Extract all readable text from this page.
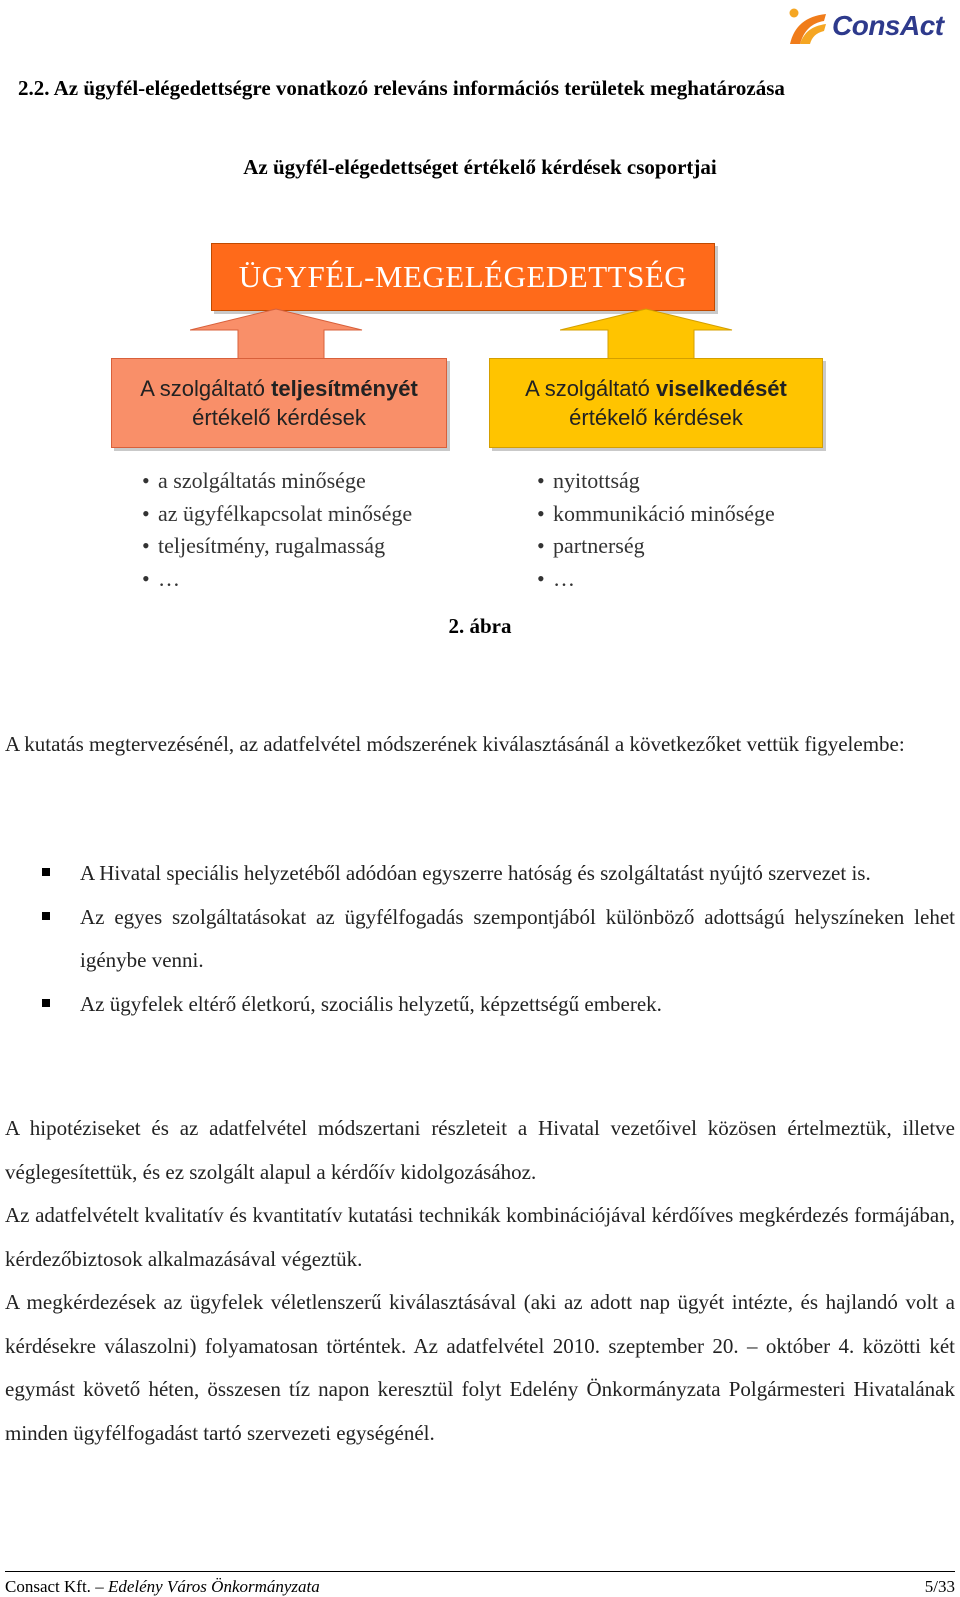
ConsAct
2.2. Az ügyfél-elégedettségre vonatkozó releváns információs területek meghatározása
Az ügyfél-elégedettséget értékelő kérdések csoportjai
ÜGYFÉL-MEGELÉGEDETTSÉG
A szolgáltató teljesítményét
értékelő kérdések
A szolgáltató viselkedését
értékelő kérdések
• a szolgáltatás minősége
• az ügyfélkapcsolat minősége
• teljesítmény, rugalmasság
• …
• nyitottság
• kommunikáció minősége
• partnerség
• …
2. ábra
A kutatás megtervezésénél, az adatfelvétel módszerének kiválasztásánál a következőket vettük figyelembe:
A Hivatal speciális helyzetéből adódóan egyszerre hatóság és szolgáltatást nyújtó szervezet is.
Az egyes szolgáltatásokat az ügyfélfogadás szempontjából különböző adottságú helyszíneken lehet igénybe venni.
Az ügyfelek eltérő életkorú, szociális helyzetű, képzettségű emberek.
A hipotéziseket és az adatfelvétel módszertani részleteit a Hivatal vezetőivel közösen értelmeztük, illetve véglegesítettük, és ez szolgált alapul a kérdőív kidolgozásához.
Az adatfelvételt kvalitatív és kvantitatív kutatási technikák kombinációjával kérdőíves megkérdezés formájában, kérdezőbiztosok alkalmazásával végeztük.
A megkérdezések az ügyfelek véletlenszerű kiválasztásával (aki az adott nap ügyét intézte, és hajlandó volt a kérdésekre válaszolni) folyamatosan történtek. Az adatfelvétel 2010. szeptember 20. – október 4. közötti két egymást követő héten, összesen tíz napon keresztül folyt Edelény Önkormányzata Polgármesteri Hivatalának minden ügyfélfogadást tartó szervezeti egységénél.
Consact Kft. – Edelény Város Önkormányzata	5/33
